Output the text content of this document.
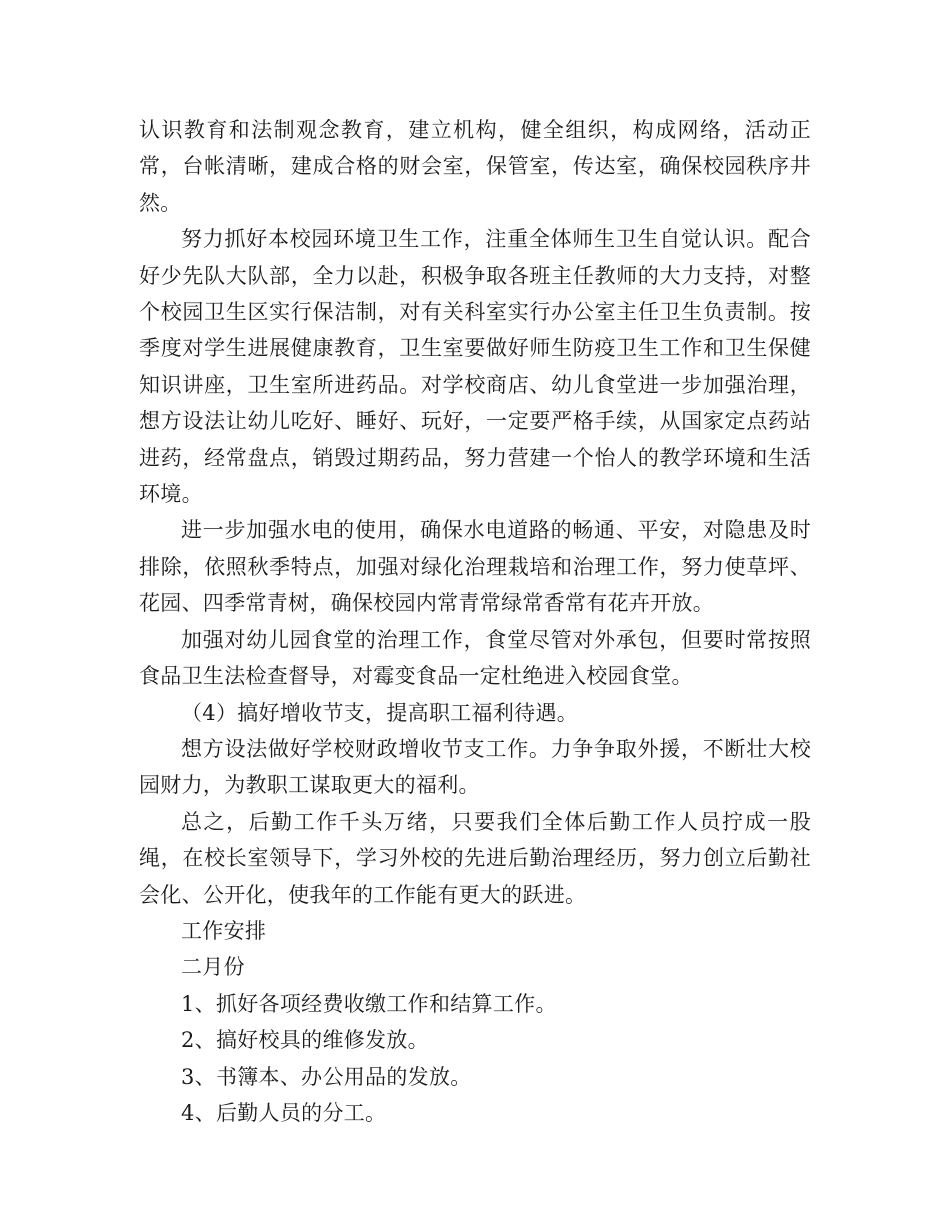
认识教育和法制观念教育，建立机构，健全组织，构成网络，活动正常，台帐清晰，建成合格的财会室，保管室，传达室，确保校园秩序井然。

努力抓好本校园环境卫生工作，注重全体师生卫生自觉认识。配合好少先队大队部，全力以赴，积极争取各班主任教师的大力支持，对整个校园卫生区实行保洁制，对有关科室实行办公室主任卫生负责制。按季度对学生进展健康教育，卫生室要做好师生防疫卫生工作和卫生保健知识讲座，卫生室所进药品。对学校商店、幼儿食堂进一步加强治理，想方设法让幼儿吃好、睡好、玩好，一定要严格手续，从国家定点药站进药，经常盘点，销毁过期药品，努力营建一个怡人的教学环境和生活环境。

进一步加强水电的使用，确保水电道路的畅通、平安，对隐患及时排除，依照秋季特点，加强对绿化治理栽培和治理工作，努力使草坪、花园、四季常青树，确保校园内常青常绿常香常有花卉开放。

加强对幼儿园食堂的治理工作，食堂尽管对外承包，但要时常按照食品卫生法检查督导，对霉变食品一定杜绝进入校园食堂。

（4）搞好增收节支，提高职工福利待遇。

想方设法做好学校财政增收节支工作。力争争取外援，不断壮大校园财力，为教职工谋取更大的福利。

总之，后勤工作千头万绪，只要我们全体后勤工作人员拧成一股绳，在校长室领导下，学习外校的先进后勤治理经历，努力创立后勤社会化、公开化，使我年的工作能有更大的跃进。

工作安排

二月份

1、抓好各项经费收缴工作和结算工作。

2、搞好校具的维修发放。

3、书簿本、办公用品的发放。

4、后勤人员的分工。
